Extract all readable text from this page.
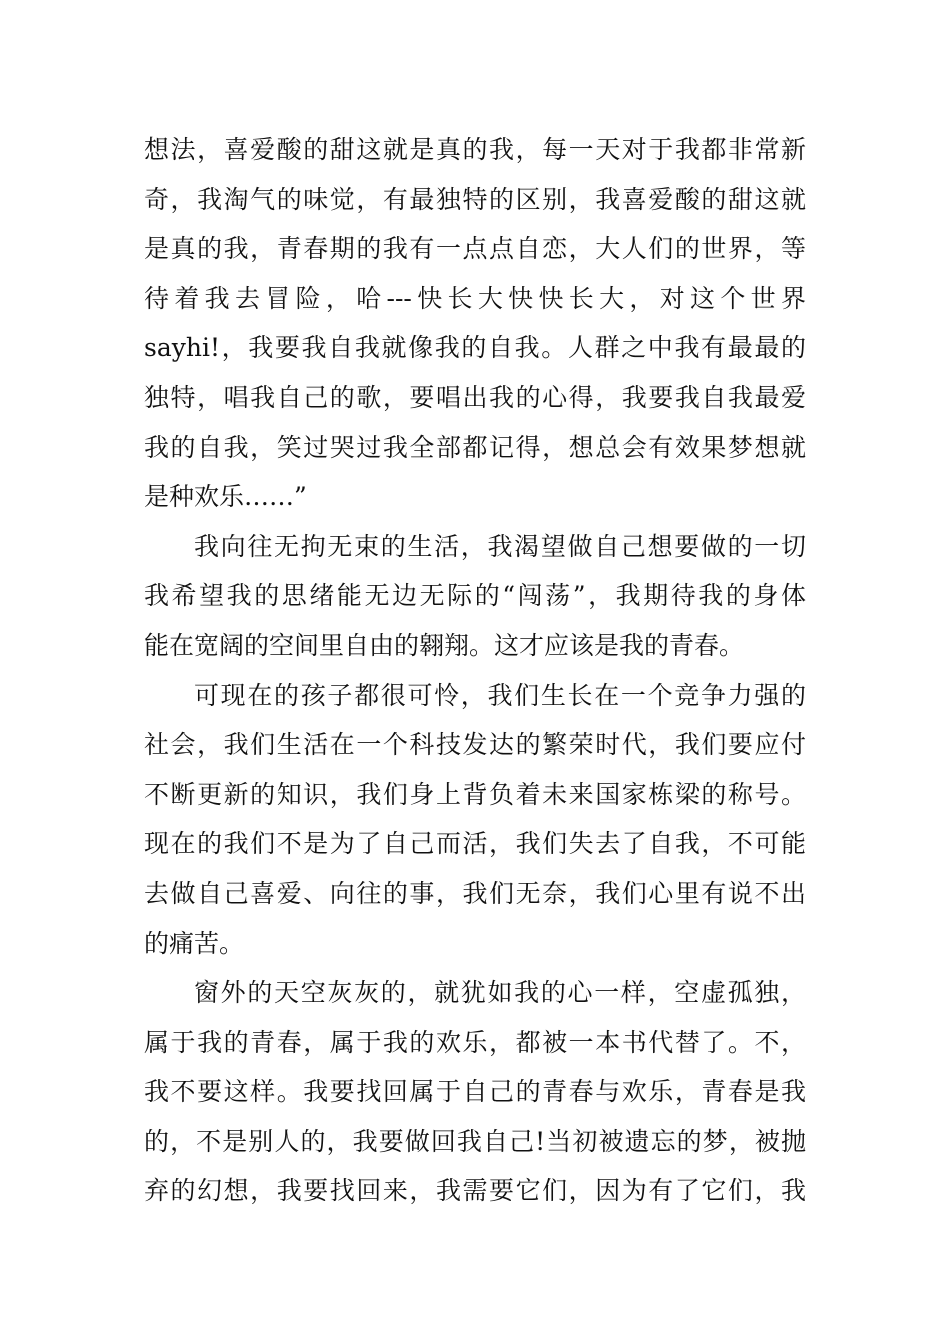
想法，喜爱酸的甜这就是真的我，每一天对于我都非常新
奇，我淘气的味觉，有最独特的区别，我喜爱酸的甜这就
是真的我，青春期的我有一点点自恋，大人们的世界，等
待着我去冒险，哈---快长大快快长大，对这个世界
sayhi!，我要我自我就像我的自我。人群之中我有最最的
独特，唱我自己的歌，要唱出我的心得，我要我自我最爱
我的自我，笑过哭过我全部都记得，想总会有效果梦想就
是种欢乐……”
我向往无拘无束的生活，我渴望做自己想要做的一切
我希望我的思绪能无边无际的“闯荡”，我期待我的身体
能在宽阔的空间里自由的翱翔。这才应该是我的青春。
可现在的孩子都很可怜，我们生长在一个竞争力强的
社会，我们生活在一个科技发达的繁荣时代，我们要应付
不断更新的知识，我们身上背负着未来国家栋梁的称号。
现在的我们不是为了自己而活，我们失去了自我，不可能
去做自己喜爱、向往的事，我们无奈，我们心里有说不出
的痛苦。
窗外的天空灰灰的，就犹如我的心一样，空虚孤独，
属于我的青春，属于我的欢乐，都被一本书代替了。不，
我不要这样。我要找回属于自己的青春与欢乐，青春是我
的，不是别人的，我要做回我自己!当初被遗忘的梦，被抛
弃的幻想，我要找回来，我需要它们，因为有了它们，我
